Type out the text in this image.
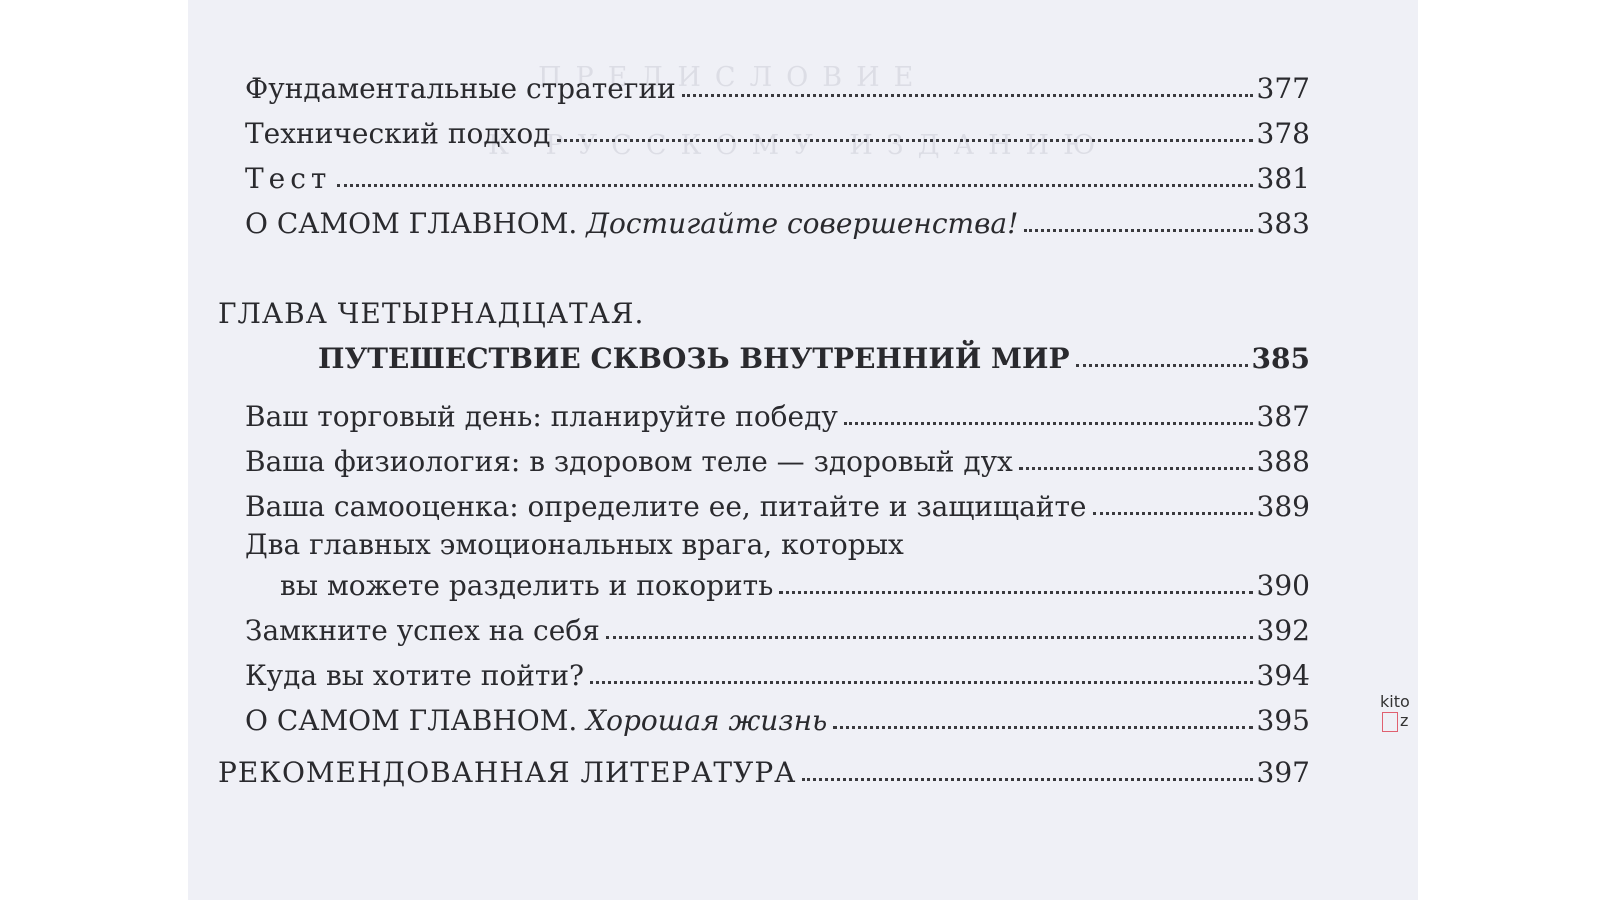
ПРЕДИСЛОВИЕ
К РУССКОМУ ИЗДАНИЮ
Фундаментальные стратегии	377
Технический подход	378
Тест	381
О САМОМ ГЛАВНОМ. Достигайте совершенства!	383
ГЛАВА ЧЕТЫРНАДЦАТАЯ.
ПУТЕШЕСТВИЕ СКВОЗЬ ВНУТРЕННИЙ МИР	385
Ваш торговый день: планируйте победу	387
Ваша физиология: в здоровом теле — здоровый дух	388
Ваша самооценка: определите ее, питайте и защищайте	389
Два главных эмоциональных врага, которых
вы можете разделить и покорить	390
Замкните успех на себя	392
Куда вы хотите пойти?	394
О САМОМ ГЛАВНОМ. Хорошая жизнь	395
РЕКОМЕНДОВАННАЯ ЛИТЕРАТУРА	397
kitoz
